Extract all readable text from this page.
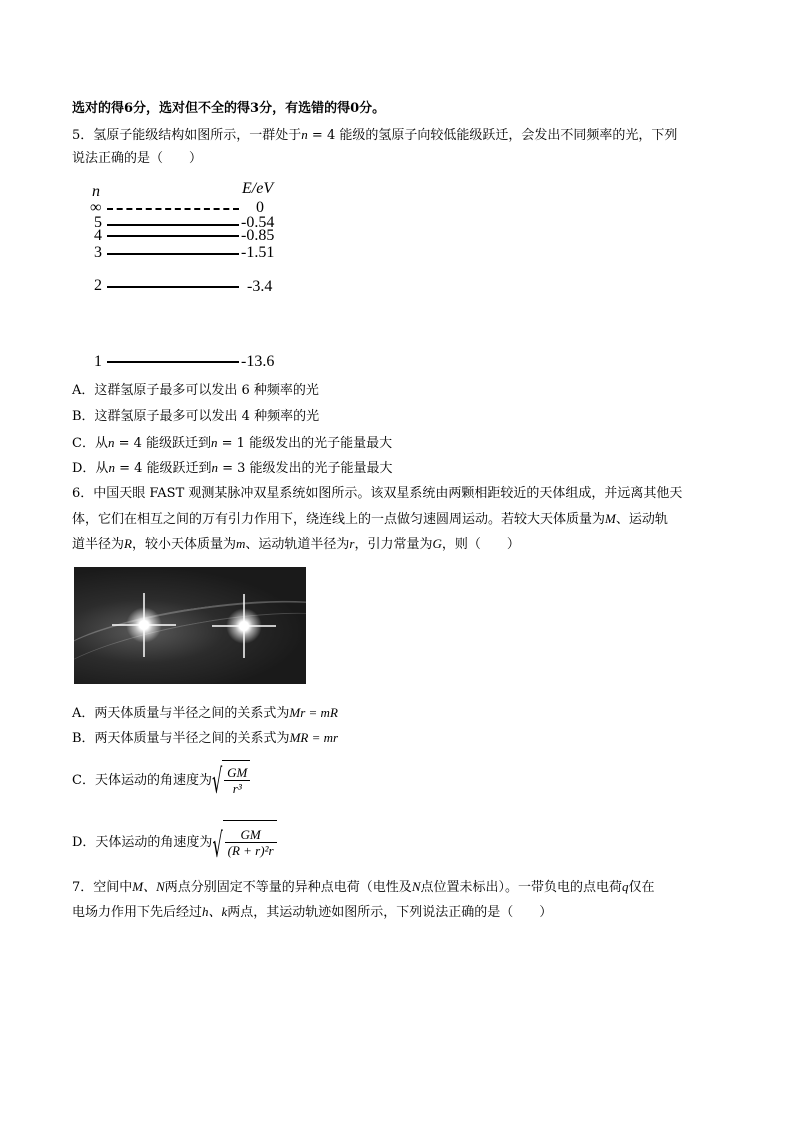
选对的得6分，选对但不全的得3分，有选错的得0分。
5．氢原子能级结构如图所示，一群处于n = 4 能级的氢原子向较低能级跃迁，会发出不同频率的光，下列
说法正确的是（　　）
n	E/eV
∞	0
5	-0.54
4	-0.85
3	-1.51
2	-3.4
1	-13.6
A．这群氢原子最多可以发出 6 种频率的光
B．这群氢原子最多可以发出 4 种频率的光
C．从n = 4 能级跃迁到n = 1 能级发出的光子能量最大
D．从n = 4 能级跃迁到n = 3 能级发出的光子能量最大
6．中国天眼 FAST 观测某脉冲双星系统如图所示。该双星系统由两颗相距较近的天体组成，并远离其他天
体，它们在相互之间的万有引力作用下，绕连线上的一点做匀速圆周运动。若较大天体质量为M、运动轨
道半径为R，较小天体质量为m、运动轨道半径为r，引力常量为G，则（　　）
A．两天体质量与半径之间的关系式为Mr = mR
B．两天体质量与半径之间的关系式为MR = mr
C．天体运动的角速度为√ $\frac{GM}{\text{r³}}$
D．天体运动的角速度为√ $\frac{GM}{\text{(R + r)²r}}$
7．空间中M、N两点分别固定不等量的异种点电荷（电性及N点位置未标出）。一带负电的点电荷q仅在
电场力作用下先后经过h、k两点，其运动轨迹如图所示，下列说法正确的是（　　）
